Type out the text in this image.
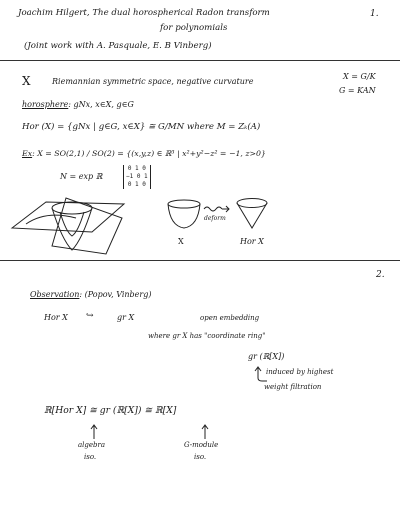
Joachim Hilgert, The dual horospherical Radon transform	1.
for polynomials
(Joint work with A. Pasquale, E. B Vinberg)
X	Riemannian symmetric space, negative curvature
X = G/K
G = KAN
horosphere: gNx, x∈X, g∈G
Hor (X) = {gNx | g∈G, x∈X} ≅ G/MN where M = Zₖ(A)
Ex: X = SO(2,1) / SO(2) = {(x,y,z) ∈ ℝ³ | x²+y²−z² = −1, z>0}
N = exp ℝ
0 1 0
−1 0 1
0 1 0
X
deform
Hor X
2.
Observation: (Popov, Vinberg)
Hor X ↪	gr X	open embedding
where gr X has "coordinate ring"
gr (ℝ[X])
induced by highest
weight filtration
ℝ[Hor X] ≅ gr (ℝ[X]) ≅ ℝ[X]
algebra
iso.
G-module
iso.
